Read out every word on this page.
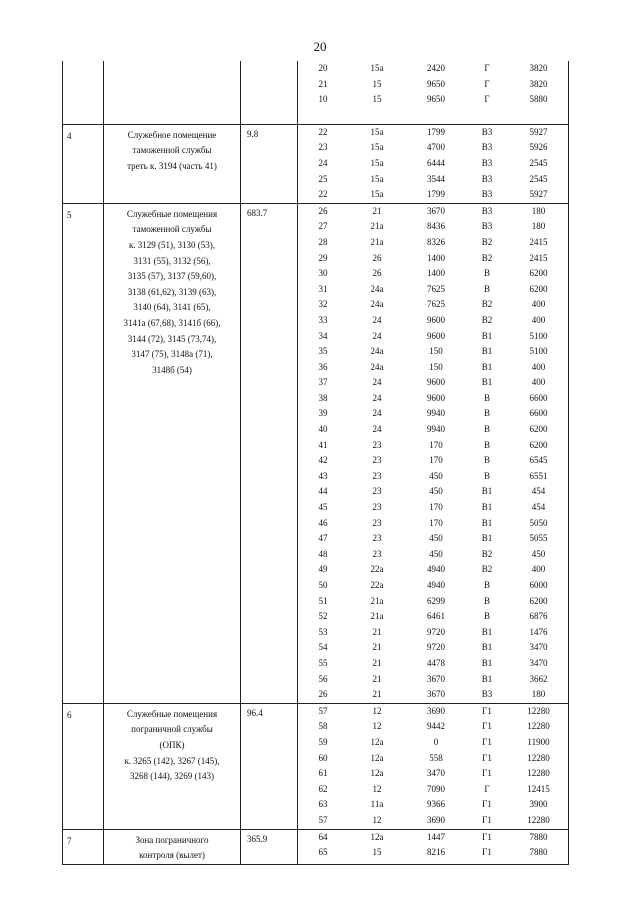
20

20	15а	2420	Г	3820

21	15	9650	Г	3820

10	15	9650	Г	5880

4	Служебное помещение
таможенной службы
треть к. 3194 (часть 41)
	9.8		22	15а	1799	В3	5927

23	15а	4700	В3	5926

24	15а	6444	В3	2545

25	15а	3544	В3	2545

22	15а	1799	В3	5927

5	Служебные помещения
таможенной службы
к. 3129 (51), 3130 (53),
3131 (55), 3132 (56),
3135 (57), 3137 (59,60),
3138 (61,62), 3139 (63),
3140 (64), 3141 (65),
3141а (67,68), 3141б (66),
3144 (72), 3145 (73,74),
3147 (75), 3148а (71),
3148б (54)
	683.7		26	21	3670	В3	180

27	21а	8436	В3	180

28	21а	8326	В2	2415

29	26	1400	В2	2415

30	26	1400	В	6200

31	24а	7625	В	6200

32	24а	7625	В2	400

33	24	9600	В2	400

34	24	9600	В1	5100

35	24а	150	В1	5100

36	24а	150	В1	400

37	24	9600	В1	400

38	24	9600	В	6600

39	24	9940	В	6600

40	24	9940	В	6200

41	23	170	В	6200

42	23	170	В	6545

43	23	450	В	6551

44	23	450	В1	454

45	23	170	В1	454

46	23	170	В1	5050

47	23	450	В1	5055

48	23	450	В2	450

49	22а	4940	В2	400

50	22а	4940	В	6000

51	21а	6299	В	6200

52	21а	6461	В	6876

53	21	9720	В1	1476

54	21	9720	В1	3470

55	21	4478	В1	3470

56	21	3670	В1	3662

26	21	3670	В3	180

6	Служебные помещения
пограничной службы
(ОПК)
к. 3265 (142), 3267 (145),
3268 (144), 3269 (143)
	96.4		57	12	3690	Г1	12280

58	12	9442	Г1	12280

59	12а	0	Г1	11900

60	12а	558	Г1	12280

61	12а	3470	Г1	12280

62	12	7090	Г	12415

63	11а	9366	Г1	3900

57	12	3690	Г1	12280

7	Зона пограничного
контроля (вылет)
	365.9		64	12а	1447	Г1	7880

65	15	8216	Г1	7880
